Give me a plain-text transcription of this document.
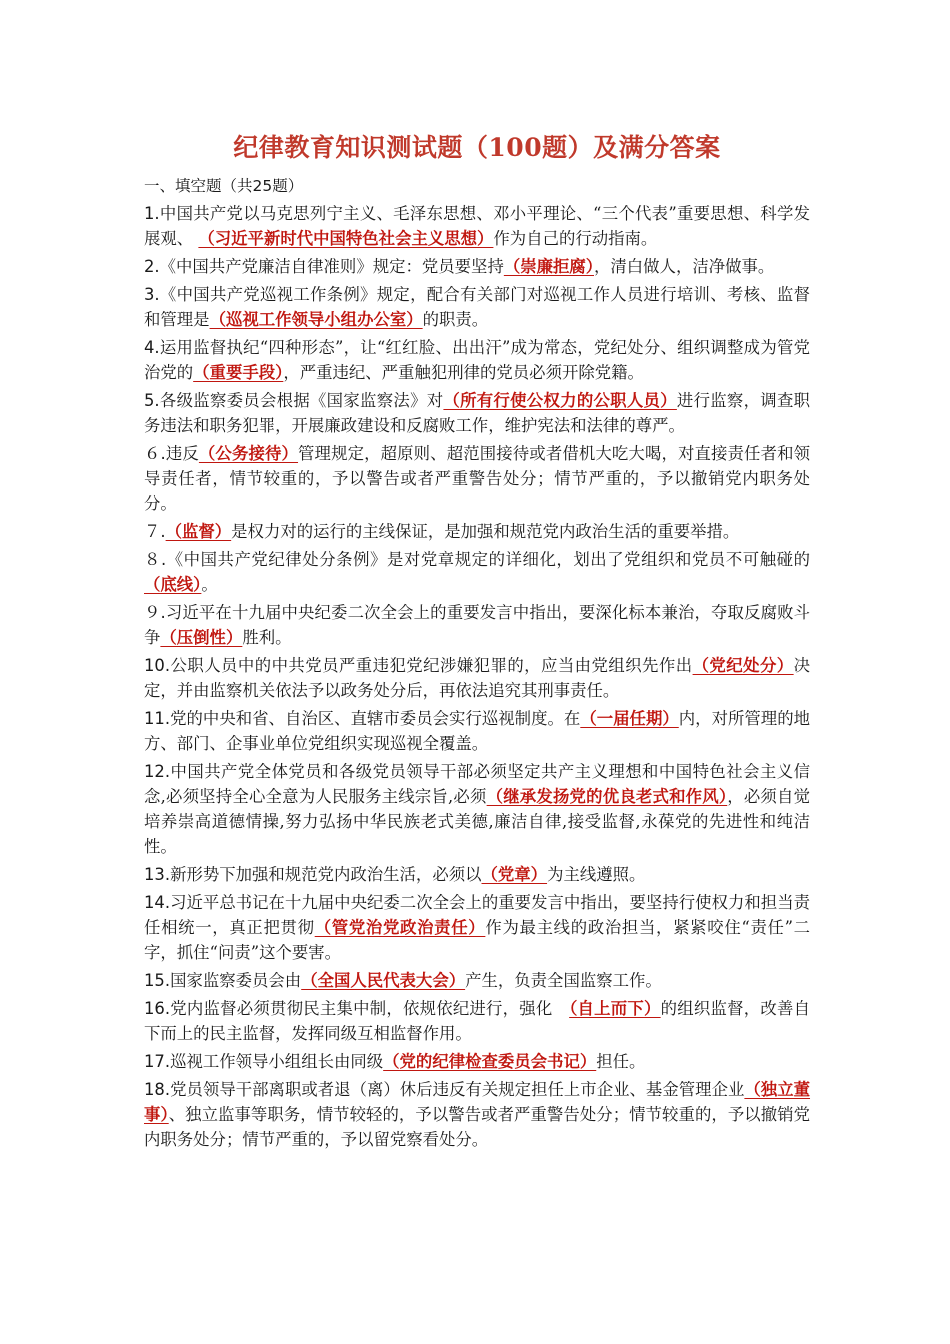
纪律教育知识测试题（100题）及满分答案
一、填空题（共25题）

1.中国共产党以马克思列宁主义、毛泽东思想、邓小平理论、“三个代表”重要思想、科学发展观、 （习近平新时代中国特色社会主义思想）作为自己的行动指南。

2.《中国共产党廉洁自律准则》规定：党员要坚持（崇廉拒腐），清白做人，洁净做事。

3.《中国共产党巡视工作条例》规定，配合有关部门对巡视工作人员进行培训、考核、监督和管理是（巡视工作领导小组办公室）的职责。

4.运用监督执纪“四种形态”，让“红红脸、出出汗”成为常态，党纪处分、组织调整成为管党治党的（重要手段），严重违纪、严重触犯刑律的党员必须开除党籍。

5.各级监察委员会根据《国家监察法》对（所有行使公权力的公职人员）进行监察，调查职务违法和职务犯罪，开展廉政建设和反腐败工作，维护宪法和法律的尊严。

６.违反（公务接待）管理规定，超原则、超范围接待或者借机大吃大喝，对直接责任者和领导责任者，情节较重的，予以警告或者严重警告处分；情节严重的，予以撤销党内职务处分。

７.（监督）是权力对的运行的主线保证，是加强和规范党内政治生活的重要举措。

８.《中国共产党纪律处分条例》是对党章规定的详细化，划出了党组织和党员不可触碰的（底线）。

９.习近平在十九届中央纪委二次全会上的重要发言中指出，要深化标本兼治，夺取反腐败斗争（压倒性）胜利。

10.公职人员中的中共党员严重违犯党纪涉嫌犯罪的，应当由党组织先作出（党纪处分）决定，并由监察机关依法予以政务处分后，再依法追究其刑事责任。

11.党的中央和省、自治区、直辖市委员会实行巡视制度。在（一届任期）内，对所管理的地方、部门、企事业单位党组织实现巡视全覆盖。

12.中国共产党全体党员和各级党员领导干部必须坚定共产主义理想和中国特色社会主义信念,必须坚持全心全意为人民服务主线宗旨,必须（继承发扬党的优良老式和作风），必须自觉培养崇高道德情操,努力弘扬中华民族老式美德,廉洁自律,接受监督,永葆党的先进性和纯洁性。

13.新形势下加强和规范党内政治生活，必须以（党章）为主线遵照。

14.习近平总书记在十九届中央纪委二次全会上的重要发言中指出，要坚持行使权力和担当责任相统一，真正把贯彻（管党治党政治责任）作为最主线的政治担当，紧紧咬住“责任”二字，抓住“问责”这个要害。

15.国家监察委员会由（全国人民代表大会）产生，负责全国监察工作。

16.党内监督必须贯彻民主集中制，依规依纪进行，强化　（自上而下）的组织监督，改善自下而上的民主监督，发挥同级互相监督作用。

17.巡视工作领导小组组长由同级（党的纪律检查委员会书记）担任。

18.党员领导干部离职或者退（离）休后违反有关规定担任上市企业、基金管理企业（独立董事）、独立监事等职务，情节较轻的，予以警告或者严重警告处分；情节较重的，予以撤销党内职务处分；情节严重的，予以留党察看处分。
